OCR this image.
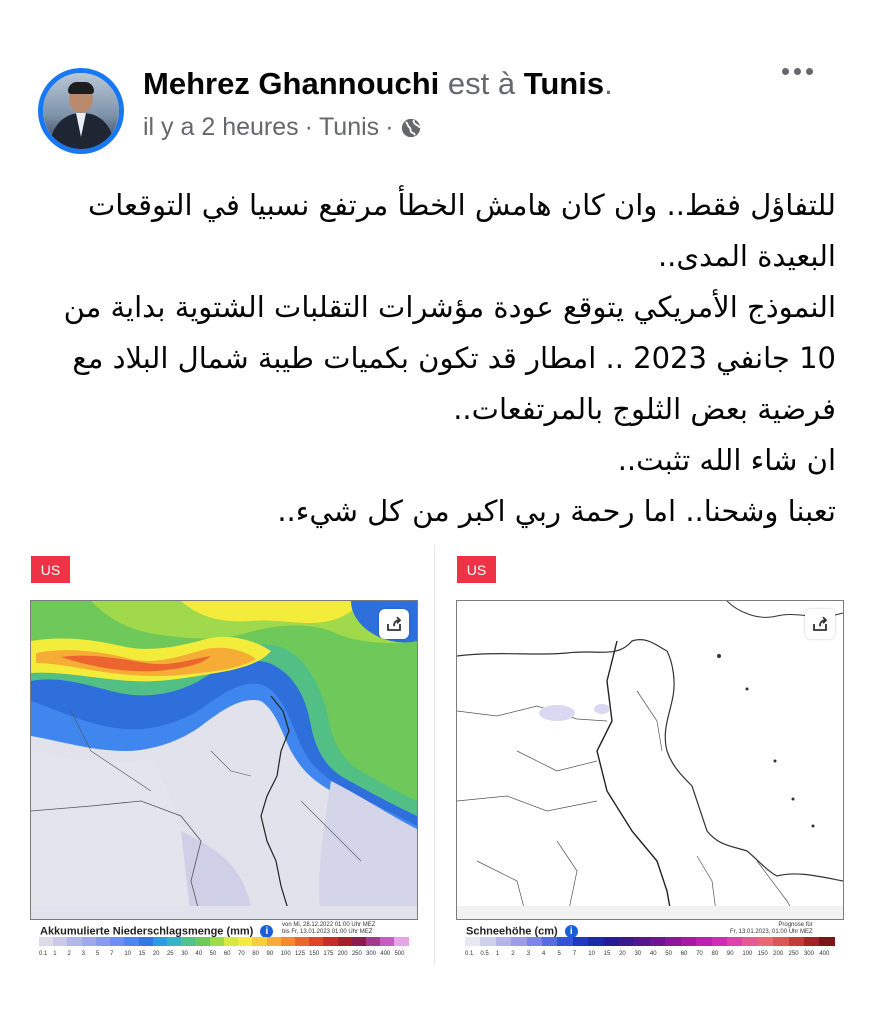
Mehrez Ghannouchi est à Tunis.
il y a 2 heures · Tunis ·

للتفاؤل فقط.. وان كان هامش الخطأ مرتفع نسبيا في التوقعات البعيدة المدى..

النموذج الأمريكي يتوقع عودة مؤشرات التقلبات الشتوية بداية من 10 جانفي 2023 .. امطار قد تكون بكميات طيبة شمال البلاد مع فرضية بعض الثلوج بالمرتفعات..

ان شاء الله تثبت..

تعبنا وشحنا.. اما رحمة ربي اكبر من كل شيء..

US
Akkumulierte Niederschlagsmenge (mm) i
von Mi, 28.12.2022 01:00 Uhr MEZ
bis Fr, 13.01.2023 01:00 Uhr MEZ
0.1 1	2	3	5	7	10	15	20	25	30	40	50	60	70	80	90	100 125 150 175 200 250 300 400 500
US
Schneehöhe (cm) i
Prognose für
Fr, 13.01.2023, 01:00 Uhr MEZ
0.1	0.5	1	2	3	4	5	7	10	15	20	30	40	50	60	70	80	90	100 150 200 250 300 400
